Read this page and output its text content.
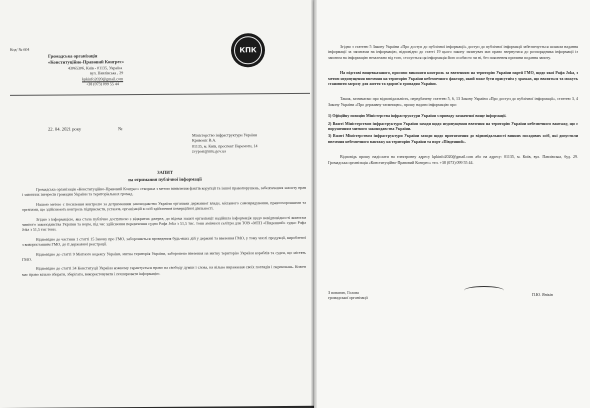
Код/ № 604
Громадська організація
«Конституційно-Правовий Конгрес»
43065306, Київ - 01135, Україна
вул. Павлівська , 29
kpkinfo2020@gmail.com
+38 (073) 099 55 44
КПК
22. 04. 2021 року	№
Міністерство інфраструктури України
Кривоніс В.А.
01135, м. Київ, проспект Перемоги, 14
zvypost@mtu.gov.ua
ЗАПИТ
на отримання публічної інформації

Громадська організація «Конституційно-Правовий Конгрес» створена з метою виявлення фактів корупції та іншої правопорушень, забезпечення захисту прав і законних інтересів громадян України та територіальних громад.

Нашою метою є посилення контролю за дотриманням законодавства України органами державної влади, місцевого самоврядування, правоохоронними та органами, що здійснюють контроль підприємств, установ, організацій в осіб здійснення комерційної діяльності.

Згідно з інформацією, яка стала публічно доступною з відкритих джерел, до відома нашої організації надійшла інформація щодо невідповідності вимогам чинного законодавства України та норм, під час здійснення перевезення судна Рафа Joka з 51,5 тис. тонн аміачної селітри для ТОВ «МТП «Південний» судно Рафа Joka з 51,5 тис тонн.

Відповідно до частини 1 статті 15 Закону про ГМО, забороняється проведення будь-яких дій у державі та ввезення ГМО, у тому числі продукції, виробленої з використанням ГМО, до її державної реєстрації.

Відповідно до статті 9 Митного кодексу України, митна територія України, заборонено ввезення на митну територію України кораблів та суден, що містять ГМО.

Відповідно до статті 34 Конституції України кожному гарантується право на свободу думки і слова, на вільне вираження своїх поглядів і переконань. Кожен має право вільно збирати, зберігати, використовувати і поширювати інформацію.

Згідно з статтею 5 Закону України «Про доступ до публічної інформації» доступ до публічної інформації забезпечується шляхом надання інформації за запитами на інформацію, відповідно до статті 19 цього закону запитувач має право звернутися до розпорядника інформації із запитом на інформацію незалежно від того, стосується ця інформація його особисто чи ні, без пояснення причини подання запиту.

На підставі вищевказаного, просимо виконати контроль за ввезенням на територію України партії ГМО, щодо якої Рафа Joka, з метою недопущення ввезення на територію України небезпечного фактору, який може бути присутнім у зразках, що ввозяться та можуть становити загрозу для життя та здоров'я громадян України.

Також, зазначаємо про відповідальність, передбачену статтею 5, 6, 13 Закону України «Про доступ до публічної інформації», статтею 3, 4 Закону України «Про державну таємницю», прошу надати інформацію про:

1) Офіційну позицію Міністерства інфраструктури України з приводу зазначеної вище інформації.

2) Вжиті Міністерством інфраструктури України заходи щодо недопущення ввезення на територію України небезпечного вантажу, що є порушенням митного законодавства України.

3) Вжиті Міністерством інфраструктури України заходи щодо притягнення до відповідальності винних посадових осіб, які допустили ввезення небезпечного вантажу на територію України та порт «Південний».

Відповідь прошу надіслати на електронну адресу kpkinfo2020@gmail.com або на адресу: 01135, м. Київ, вул. Павлівська, буд. 29. Громадська організація «Конституційно-Правовий Конгрес» тел. +38 (073) 099 55 44.

З повагою, Голова
громадської організації
П.Ю. Яніків
